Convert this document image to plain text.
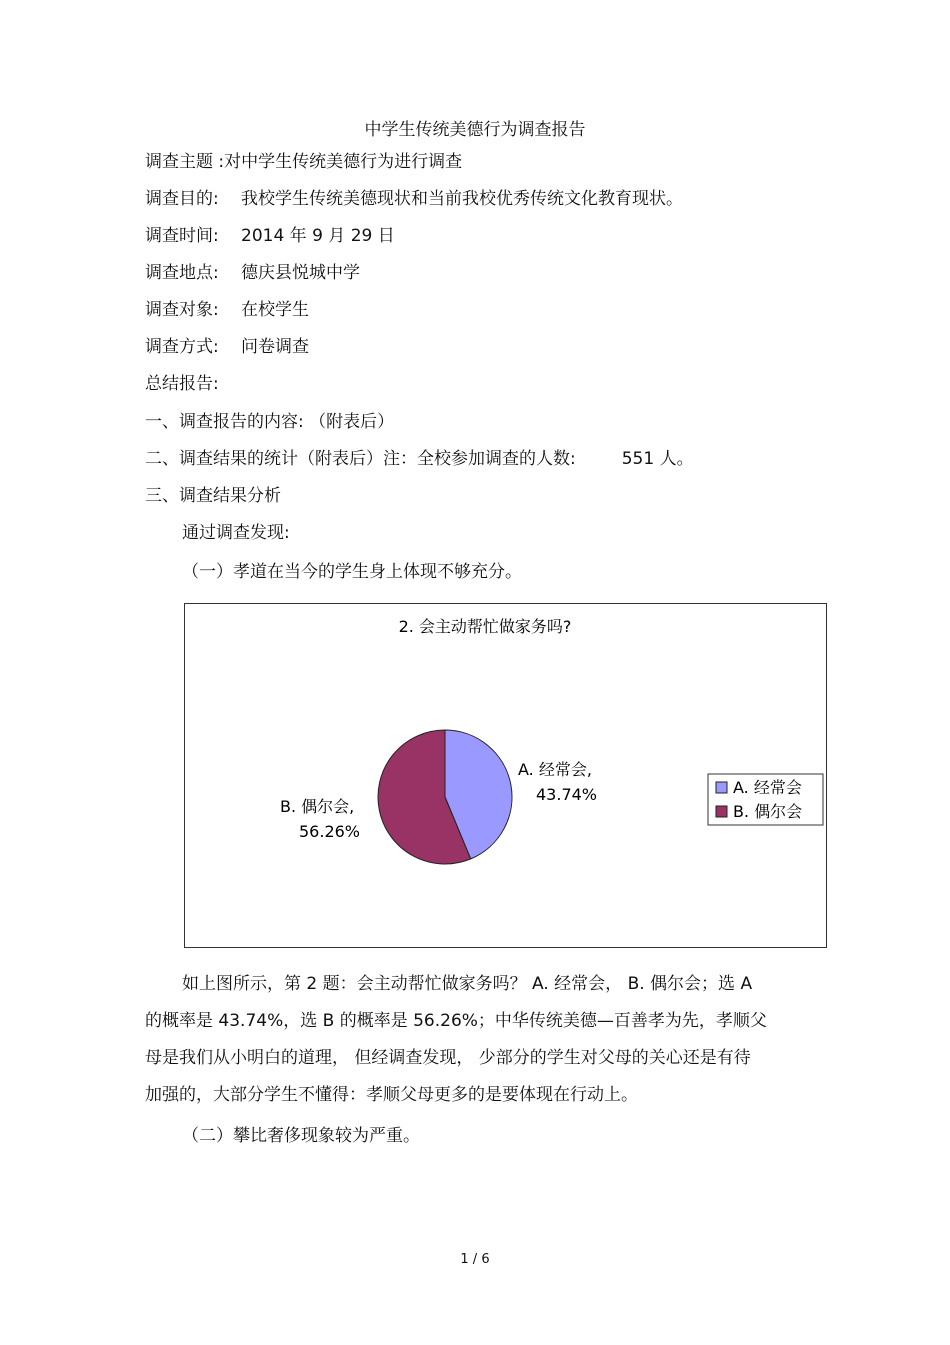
中学生传统美德行为调查报告
调查主题 :对中学生传统美德行为进行调查
调查目的: 我校学生传统美德现状和当前我校优秀传统文化教育现状。
调查时间: 2014 年 9 月 29 日
调查地点: 德庆县悦城中学
调查对象: 在校学生
调查方式: 问卷调查
总结报告:
一、调查报告的内容: （附表后）
二、调查结果的统计（附表后）注：全校参加调查的人数:	551 人。
三、调查结果分析
通过调查发现:
（一）孝道在当今的学生身上体现不够充分。
2. 会主动帮忙做家务吗?
A. 经常会,
43.74%
B. 偶尔会,
56.26%
A. 经常会
B. 偶尔会
如上图所示，第 2 题：会主动帮忙做家务吗？ A. 经常会， B. 偶尔会；选 A
的概率是 43.74%，选 B 的概率是 56.26%；中华传统美德—百善孝为先，孝顺父
母是我们从小明白的道理， 但经调查发现， 少部分的学生对父母的关心还是有待
加强的，大部分学生不懂得：孝顺父母更多的是要体现在行动上。
（二）攀比奢侈现象较为严重。
1 / 6
